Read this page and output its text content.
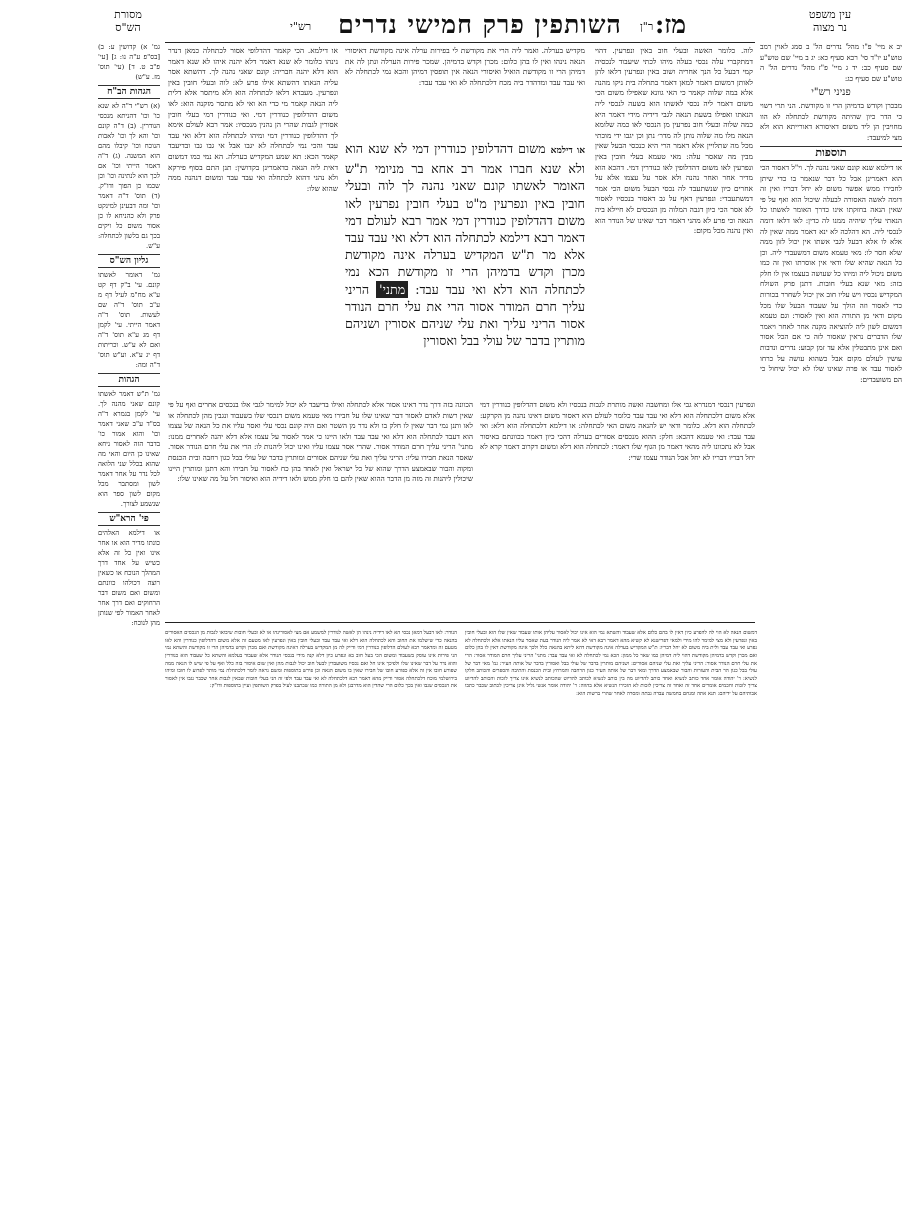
עין משפט
נר מצוה
מז:
ר"ן
השותפין פרק חמישי נדרים
רש"י
מסורת
הש"ס

יב א מיי' פ"ו מהל' נדרים הל' ב סמג לאוין רמב טוש"ע יו"ד סי' רכא סעיף כא: יג ב מיי' שם טוש"ע שם סעיף כב: יד ג מיי' פ"ז מהל' נדרים הל' ה טוש"ע שם סעיף כג:

פניני רש"י

מבכרן וקודש בדמיהן הרי זו מקודשת. הני תרי דשוי כי הדר כיון שהיתה מקודשת לכתחלה לא הוו מחויבין הן ליד משום דאיסורא דאורייתא הוא ולא מצי למיעבד:

תוספות

או דילמא שנא קונם שאני נהנה לך. וי"ל דאסור הכי הוא דאמרינן אבל כל דבר שנאמר בו כדי שיתן לחבירו ממש אפשר משום לא יחל דבריו ואין זה דומה לאשה האסורה לבעלה שיכול הוא ואף על פי שאין הנאה בחזקתו אינו כדרך האומר לאשתו כל הנאתי עליך שיהיה ממנו לה כדין: לאו דלאו דומה לנכסי ליה. הא דהלכה לא ינא דאמר ממה שאין לה אלא לו אלא דבעל לגבי אשתו אין יכול לזון ממה שלא חסר לו: מאי טעמא משום דמשעבדי ליה. וכן כל הנאה שהיא שלו ודאי אין אוסרתו ואין זה כמו משום ניכול ליה ומיהו כל שעושה בעצמו אין לו חלק בזה: מאי שנא בעלי חובות. דתנן פרק השולח המקדיש נכסיו ויש עליו חוב אין יכול לשחרר בכורות כדי לאסור וזה הולך על שעבוד הבעל שלו מכל מקום ודאי מן התורה הוא ואין לאסור: וגם טעמא דמשום לשון ליה להוציאה מקנה אחר לאחר ויאמר שלו הדברים נראין שאסור לזה כי אם הכל אסור ואם אינן מתבטלין אלא עד זמן קבוע: נדרים ונדבות עושין לעולם מקום אבל כשהוא עושה על כרחו לאסור עבד או פרה שאינו שלו לא יכול שיחול כי הם משועבדים:

לוה. כלומר האשה ובעלי חוב באין ונפרעין. דהוי דמתקברי עלה נכסי בעלה מיהו לכתי שיעבוד לנכסיה קמי דבעל כל הנך אחריה ושוב באין ונפרעין דלאו להן לאותן דמשום דאמר למאן דאמר בתחלה בית ניקו מהנה אלא במה שלוה קאמר כי האי גוונא שאפילו משום הכי משום דאמר ליה נכסי לאשתו הוא בשעה לנכסי ליה הנאתו ואפילו בשעת הנאה לגבי דידיה מידי דאמר היא כמה שלוה ובעלי חוב נפרעין מן הנכסי לאו כמה שלומא הנאה מלו מה שלוה נותן לה מדר׳ נתן וכן יגבו ידי מוכתי מכל מה שתלויין אלא דאמר הרי היא כנכסי הבעל שאין מבין מה שאסר עלה: מאי טעמא בעלי חובין באין ונפרעין לאו משום דהדלופין לאו כנודרין דמי. דהכא הוא מדיר אחר ואחר נהנה ולא אסר על עצמו אלא על אחרים כיון שנשתעבד לה נכסי הבעל משום הכי אמר דמשתעבדי: ונפרעין דאף על גב דאסור בנכסיו לאסור לא אסר הכי כיון דגבה המלוה מן הנכסים לא חיילא ביה הנאה וכי פרע לא מהני דאמר דבר שאינו של הנודר הוא ואין נהנה מכל מקום:

או דילמא. הכי קאמר דהדלופי אסור לכתחלה כמאן דנדר נינהו כלומר לא שנא דאמר דלא יהנה איהו לא שנא דאמר הוא דלא יהנה חבריה: קונם שאני נהנה לך. דהשתא אסר עליה הנאתו דהשתא אילו פרע לא: לוה ובעלי חובין באין ונפרעין. מעבדא דלאו לכתחלה הוא ולא מיתסר אלא דלית ליה הנאה קאמר מי כדי הא ואי לא מתסר מזקנה הוא: לאו משום דהדלופין כנודרין דמי. ואי כנודרין דמי בעלי חובין אסורין לגבות שהרי הן נהנין מנכסיו: אמר רבא לעולם אימא לך דהדלופין כנודרין דמי ומיהו לכתחלה הוא דלא ואי עבד עבד והכי נמי לכתחלה לא יגבו אבל אי גבו גבו ובדיעבד קאמר הכא: תא שמע המקדיש בערלה. הא נמי כמו דמשום דאית ליה הנאה כדאמרינן בקדושין: תנן התם בסוף פירקא ולא נהני דהוא לכתחלה ואי עבד עבד ומשום דנהנה ממה שהוא שלו:

מקדיש בערלה. ואמר ליה הרי את מקודשת לי בפירות ערלה אינה מקודשת דאיסורי הנאה נינהו ואין לו בהן כלום: מכרן וקדש בדמיהן. שמכר פירות הערלה ונתן לה את דמיהן הרי זו מקודשת הואיל ואיסורי הנאה אין תופסין דמיהן והכא נמי לכתחלה לא ואי עבד עבד ומדהדר ביה מכח דלכתחלה לא ואי עבד עבד:

או דילמא משום דהדלופין כנודרין דמי לא שנא הוא ולא שנא חברו אמר רב אחא בר מניומי ת"ש האומר לאשתו קונם שאני נהנה לך לוה ובעלי חובין באין ונפרעין מ"ט בעלי חובין נפרעין לאו משום דהדלופין כנודרין דמי אמר רבא לעולם דמי דאמר רבא דילמא לכתחלה הוא דלא ואי עבד עבד אלא מר ת"ש המקדיש בערלה אינה מקודשת מכרן וקדש בדמיהן הרי זו מקודשת הכא נמי לכתחלה הוא דלא ואי עבד עבד: מתני' הריני עליך חרם המודר אסור הרי את עלי חרם הנודר אסור הריני עליך ואת עלי שניהם אסורין ושניהם מותרין בדבר של עולי בבל ואסורין

ונפרעין דנכסי דמנדרא גבי אלו ומחשבה ואשה מותרת לגבות בנכסיו ולא משום דהדלופין כנודרין דמי אלא משום דלכתחלה הוא דלא ואי עבד עבד כלומר לעולם הוא דאסור משום דאינו נהנה מן הקרקע: לכתחלה הוא דלא. כלומר ודאי יש להנאה משום האי לכתחלה: או דילמא דלכתחלה הוא דלא: ואי עבד עבד: ואי טעמא דהכא: חלק: ההוא מנכסים אסורים בערלה דהכי כיון דאמר בכוונתם באיסור אבל לא נתכוונו ליה מהאי דאמר מן הגוף שלו דאמר: לכתחלה הוא דלא ומשום דקרוב דאמר קרא לא יחל דבריו דבריו לא יחל אבל הנודר עצמו שרי:

הכוונה בזה דרך נדר דאינו אסור אלא לכתחלה ואילו בדיעבד לא יכול למימר לגבי אלו בנכסים אחרים ואף על פי שאין רשות לאדם לאסור דבר שאינו שלו על חבירו מאי טעמא משום דנכסי שלו בשעבוד ונגבין מהן לכתחלה או לאו ותנן נמי דבר שאין לו חלק בו ולא נדר מן השטר ואם היה קונם נכסי עלי ואסר עליו את כל הנאה של עצמו הוא דעבד לכתחלה הוא דלא ואי עבד עבד ולאו היינו כי אמר לאסור על עצמו אלא דלא יהנה לאחרים ממנו: מתני' הריני עליך חרם המודר אסור. שהרי אסר עצמו עליו ואינו יכול ליהנות לו: הרי את עלי חרם הנודר אסור. שאסר הנאת חבירו עליו: הריני עליך ואת עלי שניהם אסורים ומותרין בדבר של עולי בבל כגון רחבה ובית הכנסת ומקוה והבור שבאמצע הדרך שהוא של כל ישראל ואין לאחד בהן כח לאסור על חבירו והא דתנן ומותרין היינו שיכולין ליהנות זה מזה מן הדבר ההוא שאין להם בו חלק ממש ולאו דידיה הוא ואיסור חל על מה שאינו שלו:

גמ' א) קדושין ע: ב) [בס"פ ע"ה נו: ג] [עי' פ"ב ט. ד] (עי' תוס' מז. ע"ש)

הגהות הב"ח

(א) רש"י ד"ה לא שנא כו' וכו' דהניתא מנכסי הנודרין. (ב) ד"ה קונם וכו' והא לך וכו' לאבות הנוכח וכו' קיבלו מהם הוא המשנה. (ג) ד"ה דאמר הייתי וכו' אם לכך הוא לנתינה וכו' וכן שכמו כן הפוך ודו"ק. (ד) תוס' ד"ה דאמר וכו' ומה דבעינן למינקט פרק ולא כהניחא לו כן אסור משום כל ויקים בכך גם בלשון לכתחלה: ע"ש.

גליון הש"ס

גמ' דאומר לאשתו קונם. עי' ב"ק דף קט ע"א מח"מ לעיל דף מ ע"ב תוס' ד"ה שם לעשות. תוס' ד"ה דאמר הייתי. עי' לקמן דף מג ע"א תוס' ד"ה ואם לא ע"ש. וכריתות דף יג ע"א. וע"ש תוס' ד"ה ומה:

הגהות

גמ' ת"ש דאמר לאשתו קונם שאני מהנה לך. עי' לקמן בגמרא ד"ה בס"ד ע"ב שאני דאמר וכו' והוא אמור כו' בדבר הזה לאסור ניחא שאינו כן היום והאי מה שהוא בכלל שני הלואה לכל נדר על אחר דאמר לשון ומסתבר מכל מקום לשון ספר הוא שנשמע לצורך.

פי' הרא"ש

או דילמא האלהים כונתו מדיר הוא או אחר אינו ואין כל זה אלא כשיש על אחד דרך המהלך הנוכח או כשאין רוצה דכולהו כוונתם ומשום ואם משום דבר הרחוקים ואם דרך אחר לאחר האמור לפי שנותן מהן לנוכח:

דמשום הנאה לא הוי לה להפרע כיון דאין לו בהם כלום אלא שעבוד והשתא נמי הוא אינו יכול לאסור עליהן אותו שעבוד שאין שלו הוא ובעלי חובין באין ונפרעין ולא מצי למימר להו מידי ולמאי דפרישנא לא קשיא מהא דאמר רבא דאי לא אמר ליה הנודר בעת שאסר עליו הנאתו אלא ולכתחלה לא נפרע ואי עבד עבד ולית ביה משום לא יחל דבריו: ת"ש המקדיש בערלה אינה מקודשת דהא ליתא בהנאה כלל ולכך אינה מקודשת דאין לו בהן כלום ואם מכרן וקדש בדמיהן מקודשת דהוי ליה דמיהן כמו שאר כל ממון: הכא נמי לכתחלה לא ואי עבד עבד: מתני' הריני עליך חרם המודר אסור: הרי את עלי חרם הנודר אסור: הריני עליך ואת עלי שניהם אסורים: ושניהם מותרין בדבר של עולי בבל ואסורין בדבר של אותה העיר: גמ' מאי דבר של עולי בבל כגון הר הבית והעזרות והבור שבאמצע הדרך ומאי דבר של אותה העיר כגון הרחבה והמרחץ ובית הכנסת והתיבה והספרים והכותב חלקו לנשיא: ר' יהודה אומר אחד כותב לנשיא ואחד כותב להדיוט מה בין כותב לנשיא לכותב להדיוט שהכותב לנשיא אינו צריך לזכות והכותב להדיוט צריך לזכות וחכמים אומרים אחד זה ואחד זה צריכין לזכות לא הזכירו הנשיא אלא בהווה: ר' יהודה אומר אנשי גליל אינן צריכין לכתוב שכבר כתבו אבותיהם על ידיהם: תנא אתה ומנחם בחמשה עבדה גבתה ומסרה לאחר שהרי ברשות הוא:

הנודר: לאו דבעל דמאן נכסי הא לאו דידיה נינהו הן לאשה לנודרין למשמע אם מצי לאסורינהו או לא ובעלי חובות שיבואו לגבות מן הנכסים האסורים בהנאה כדי שישלמו את החוב והא לכתחלה הוא דלא ואי עבד עבד ובעלי חובין באין ונפרעין לאו מטעם זה אלא משום דהדלופין כנודרין והא לאו מטעם זה ומדאמר רבא לעולם הדלופין כנודרין דמי ודייק לה מן המקדיש בערלה דאינה מקודשת ואם מכרן וקדש בדמיהן הרי זו מקודשת והשתא נמי הני פירות אינו עוסק בשעבוד ומשום הכי בעל חוב בא ונפרע כיון דלא קנה מידי בנכסי הנודר אלא שעבוד בעלמא והשתא כל שעבוד הוא כנודרין והוא נדר על דבר שאינו שלו ולפיכך אינו חל ואם נכסיו משועבדין לבעל חוב יכול לגבות מהן ואין שום איסור בזה כלל ואף על פי שיש לו הנאה ממה שפורע חובו אין זה אלא כפורע חובו של חבירו שאין בו משום הנאה וכן פירש בתוספות ומשם נראה לומר דלכתחלה נמי מותר לפרוע לו חובו ומיהו בירושלמי מוכח דלכתחלה אסור ודייק מהא דאמר רבא דלכתחלה לא ואי עבד עבד ולפי זה הני בעלי חובות שבאין לגבות אחר שכבר נגבו אין לאסור את הנכסים שגבו ואין בכך כלום הרי שהדין הוא מדרבנן ולא מן התורה כמו שכתבנו לעיל בפרק השותפין ועיין בתוספות ודו"ק:
